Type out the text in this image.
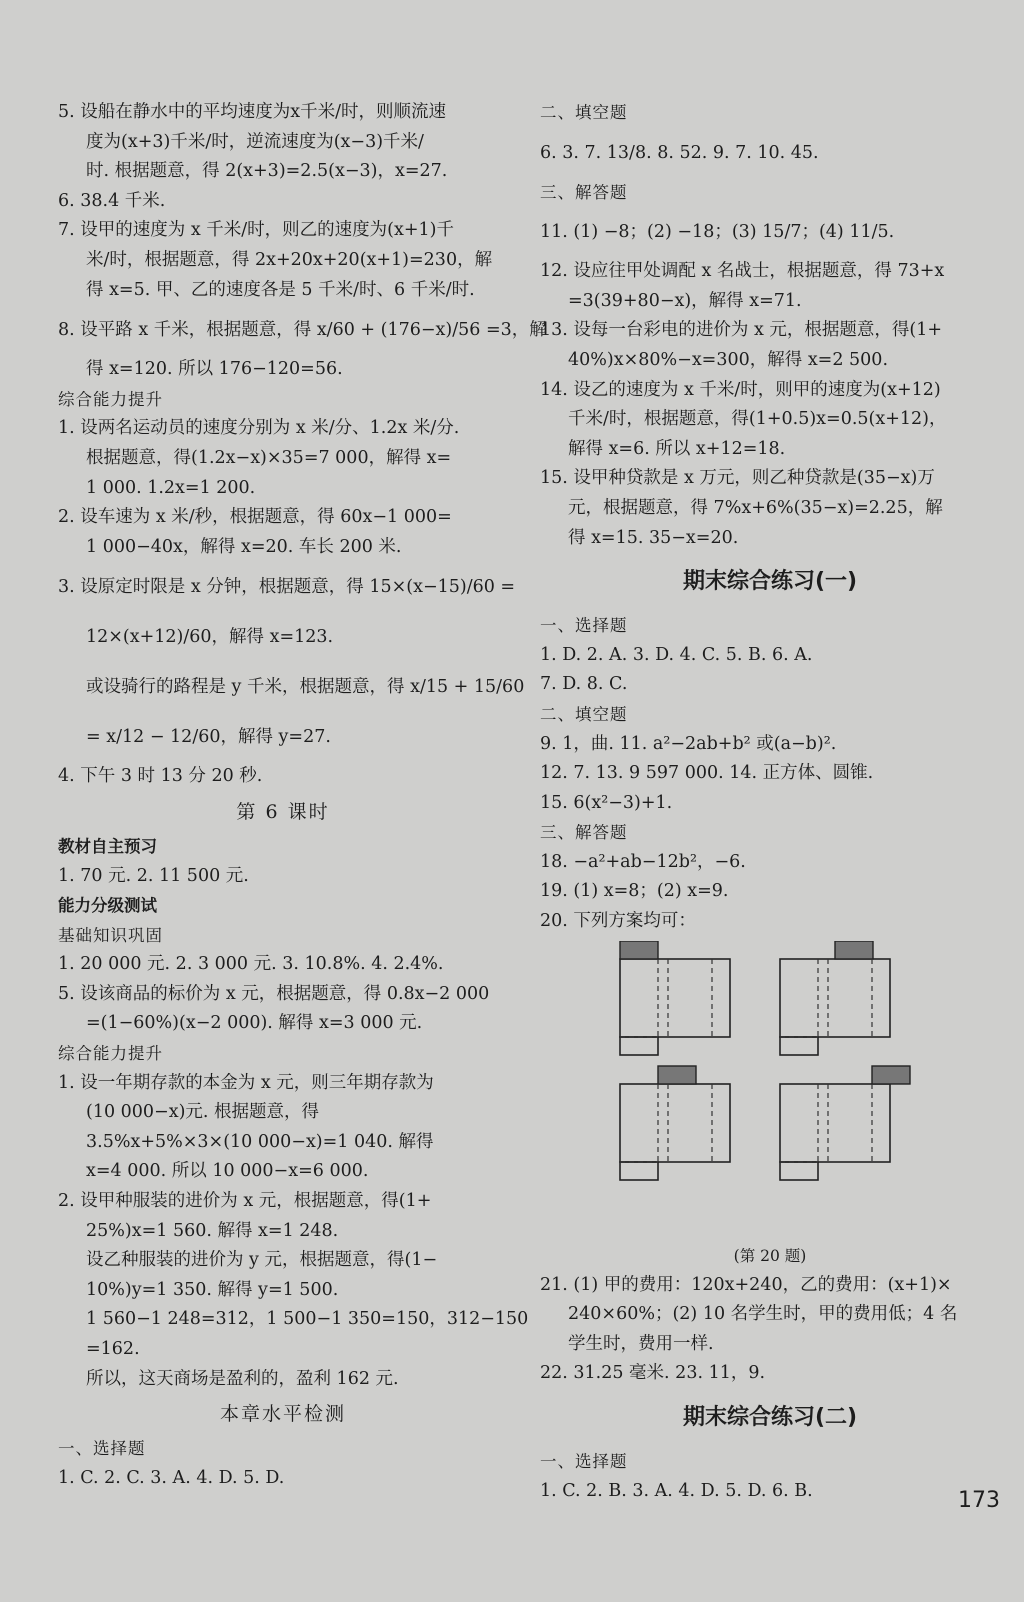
5. 设船在静水中的平均速度为x千米/时，则顺流速
度为(x+3)千米/时，逆流速度为(x−3)千米/
时. 根据题意，得 2(x+3)=2.5(x−3)，x=27.
6. 38.4 千米.
7. 设甲的速度为 x 千米/时，则乙的速度为(x+1)千
米/时，根据题意，得 2x+20x+20(x+1)=230，解
得 x=5. 甲、乙的速度各是 5 千米/时、6 千米/时.
8. 设平路 x 千米，根据题意，得 x/60 + (176−x)/56 =3，解
得 x=120. 所以 176−120=56.
综合能力提升
1. 设两名运动员的速度分别为 x 米/分、1.2x 米/分.
根据题意，得(1.2x−x)×35=7 000，解得 x=
1 000. 1.2x=1 200.
2. 设车速为 x 米/秒，根据题意，得 60x−1 000=
1 000−40x，解得 x=20. 车长 200 米.
3. 设原定时限是 x 分钟，根据题意，得 15×(x−15)/60 =
12×(x+12)/60，解得 x=123.
或设骑行的路程是 y 千米，根据题意，得 x/15 + 15/60
= x/12 − 12/60，解得 y=27.
4. 下午 3 时 13 分 20 秒.
第 6 课时
教材自主预习
1. 70 元. 2. 11 500 元.
能力分级测试
基础知识巩固
1. 20 000 元. 2. 3 000 元. 3. 10.8%. 4. 2.4%.
5. 设该商品的标价为 x 元，根据题意，得 0.8x−2 000
=(1−60%)(x−2 000). 解得 x=3 000 元.
综合能力提升
1. 设一年期存款的本金为 x 元，则三年期存款为
(10 000−x)元. 根据题意，得
3.5%x+5%×3×(10 000−x)=1 040. 解得
x=4 000. 所以 10 000−x=6 000.
2. 设甲种服装的进价为 x 元，根据题意，得(1+
25%)x=1 560. 解得 x=1 248.
设乙种服装的进价为 y 元，根据题意，得(1−
10%)y=1 350. 解得 y=1 500.
1 560−1 248=312，1 500−1 350=150，312−150
=162.
所以，这天商场是盈利的，盈利 162 元.
本章水平检测
一、选择题
1. C. 2. C. 3. A. 4. D. 5. D.
二、填空题
6. 3. 7. 13/8. 8. 52. 9. 7. 10. 45.
三、解答题
11. (1) −8；(2) −18；(3) 15/7；(4) 11/5.
12. 设应往甲处调配 x 名战士，根据题意，得 73+x
=3(39+80−x)，解得 x=71.
13. 设每一台彩电的进价为 x 元，根据题意，得(1+
40%)x×80%−x=300，解得 x=2 500.
14. 设乙的速度为 x 千米/时，则甲的速度为(x+12)
千米/时，根据题意，得(1+0.5)x=0.5(x+12)，
解得 x=6. 所以 x+12=18.
15. 设甲种贷款是 x 万元，则乙种贷款是(35−x)万
元，根据题意，得 7%x+6%(35−x)=2.25，解
得 x=15. 35−x=20.
期末综合练习(一)
一、选择题
1. D. 2. A. 3. D. 4. C. 5. B. 6. A.
7. D. 8. C.
二、填空题
9. 1，曲. 11. a²−2ab+b² 或(a−b)².
12. 7. 13. 9 597 000. 14. 正方体、圆锥.
15. 6(x²−3)+1.
三、解答题
18. −a²+ab−12b²，−6.
19. (1) x=8；(2) x=9.
20. 下列方案均可：
(第 20 题)
21. (1) 甲的费用：120x+240，乙的费用：(x+1)×
240×60%；(2) 10 名学生时，甲的费用低；4 名
学生时，费用一样.
22. 31.25 毫米. 23. 11，9.
期末综合练习(二)
一、选择题
1. C. 2. B. 3. A. 4. D. 5. D. 6. B.	173
